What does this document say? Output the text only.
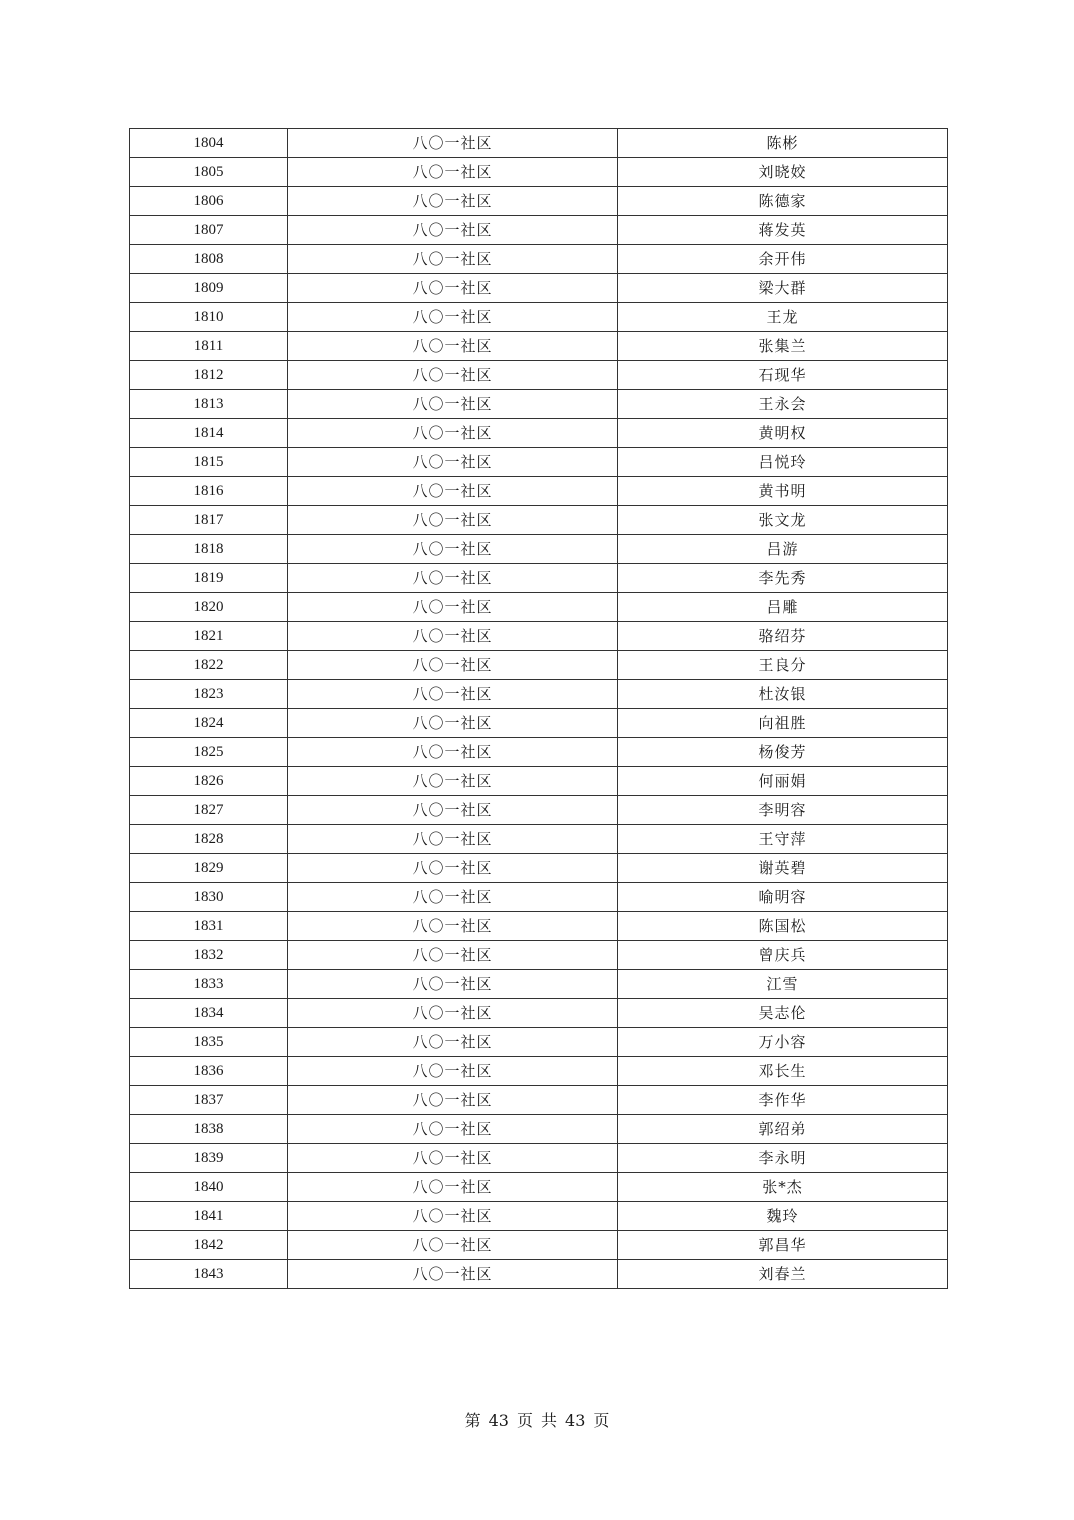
1804	八〇一社区	陈彬
1805	八〇一社区	刘晓姣
1806	八〇一社区	陈德家
1807	八〇一社区	蒋发英
1808	八〇一社区	余开伟
1809	八〇一社区	梁大群
1810	八〇一社区	王龙
1811	八〇一社区	张集兰
1812	八〇一社区	石现华
1813	八〇一社区	王永会
1814	八〇一社区	黄明权
1815	八〇一社区	吕悦玲
1816	八〇一社区	黄书明
1817	八〇一社区	张文龙
1818	八〇一社区	吕游
1819	八〇一社区	李先秀
1820	八〇一社区	吕雕
1821	八〇一社区	骆绍芬
1822	八〇一社区	王良分
1823	八〇一社区	杜汝银
1824	八〇一社区	向祖胜
1825	八〇一社区	杨俊芳
1826	八〇一社区	何丽娟
1827	八〇一社区	李明容
1828	八〇一社区	王守萍
1829	八〇一社区	谢英碧
1830	八〇一社区	喻明容
1831	八〇一社区	陈国松
1832	八〇一社区	曾庆兵
1833	八〇一社区	江雪
1834	八〇一社区	吴志伦
1835	八〇一社区	万小容
1836	八〇一社区	邓长生
1837	八〇一社区	李作华
1838	八〇一社区	郭绍弟
1839	八〇一社区	李永明
1840	八〇一社区	张*杰
1841	八〇一社区	魏玲
1842	八〇一社区	郭昌华
1843	八〇一社区	刘春兰
第 43 页 共 43 页
